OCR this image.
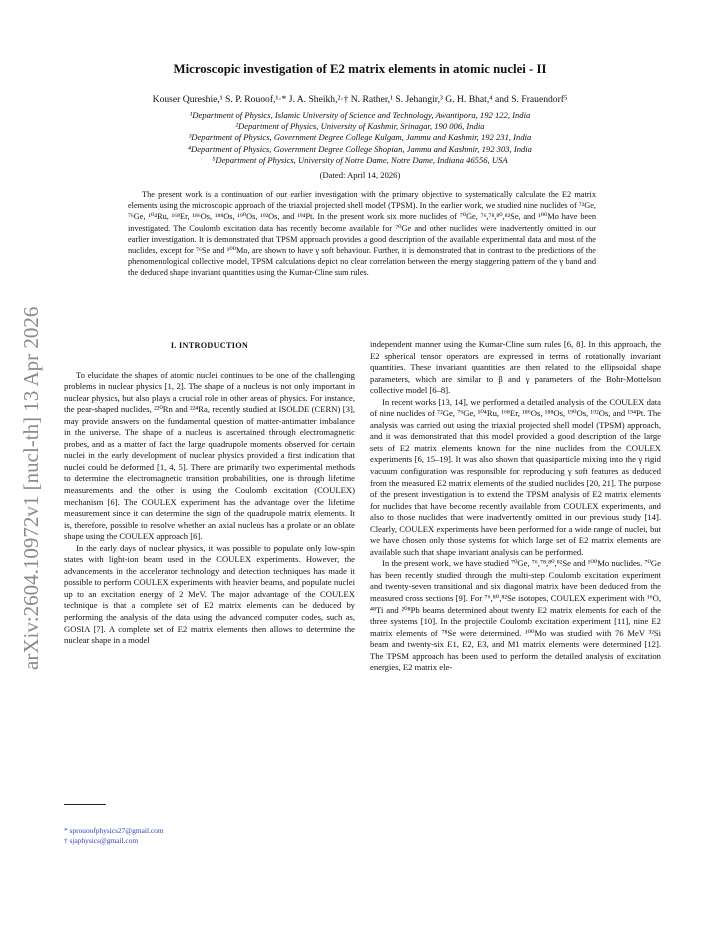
arXiv:2604.10972v1 [nucl-th] 13 Apr 2026
Microscopic investigation of E2 matrix elements in atomic nuclei - II
Kouser Qureshie,¹ S. P. Rouoof,¹·* J. A. Sheikh,²·† N. Rather,¹ S. Jehangir,³ G. H. Bhat,⁴ and S. Frauendorf⁵
¹Department of Physics, Islamic University of Science and Technology, Awantipora, 192 122, India
²Department of Physics, University of Kashmir, Srinagar, 190 006, India
³Department of Physics, Government Degree College Kulgam, Jammu and Kashmir, 192 231, India
⁴Department of Physics, Government Degree College Shopian, Jammu and Kashmir, 192 303, India
⁵Department of Physics, University of Notre Dame, Notre Dame, Indiana 46556, USA
(Dated: April 14, 2026)

The present work is a continuation of our earlier investigation with the primary objective to systematically calculate the E2 matrix elements using the microscopic approach of the triaxial projected shell model (TPSM). In the earlier work, we studied nine nuclides of ⁷²Ge, ⁷⁶Ge, ¹⁰⁴Ru, ¹⁶⁸Er, ¹⁸⁶Os, ¹⁸⁸Os, ¹⁹⁰Os, ¹⁹²Os, and ¹⁹⁴Pt. In the present work six more nuclides of ⁷⁰Ge, ⁷⁶,⁷⁸,⁸⁰,⁸²Se, and ¹⁰⁰Mo have been investigated. The Coulomb excitation data has recently become available for ⁷⁰Ge and other nuclides were inadvertently omitted in our earlier investigation. It is demonstrated that TPSM approach provides a good description of the available experimental data and most of the nuclides, except for ⁷⁶Se and ¹⁰⁰Mo, are shown to have γ soft behaviour. Further, it is demonstrated that in contrast to the predictions of the phenomenological collective model, TPSM calculations depict no clear correlation between the energy staggering pattern of the γ band and the deduced shape invariant quantities using the Kumar-Cline sum rules.

I. INTRODUCTION

To elucidate the shapes of atomic nuclei continues to be one of the challenging problems in nuclear physics [1, 2]. The shape of a nucleus is not only important in nuclear physics, but also plays a crucial role in other areas of physics. For instance, the pear-shaped nuclides, ²²⁰Rn and ²²⁴Ra, recently studied at ISOLDE (CERN) [3], may provide answers on the fundamental question of matter-antimatter imbalance in the universe. The shape of a nucleus is ascertained through electromagnetic probes, and as a matter of fact the large quadrupole moments observed for certain nuclei in the early development of nuclear physics provided a first indication that nuclei could be deformed [1, 4, 5]. There are primarily two experimental methods to determine the electromagnetic transition probabilities, one is through lifetime measurements and the other is using the Coulomb excitation (COULEX) mechanism [6]. The COULEX experiment has the advantage over the lifetime measurement since it can determine the sign of the quadrupole matrix elements. It is, therefore, possible to resolve whether an axial nucleus has a prolate or an oblate shape using the COULEX approach [6].

In the early days of nuclear physics, it was possible to populate only low-spin states with light-ion beam used in the COULEX experiments. However, the advancements in the accelerator technology and detection techniques has made it possible to perform COULEX experiments with heavier beams, and populate nuclei up to an excitation energy of 2 MeV. The major advantage of the COULEX technique is that a complete set of E2 matrix elements can be deduced by performing the analysis of the data using the advanced computer codes, such as, GOSIA [7]. A complete set of E2 matrix elements then allows to determine the nuclear shape in a model

independent manner using the Kumar-Cline sum rules [6, 8]. In this approach, the E2 spherical tensor operators are expressed in terms of rotationally invariant quantities. These invariant quantities are then related to the ellipsoidal shape parameters, which are similar to β and γ parameters of the Bohr-Mottelson collective model [6–8].

In recent works [13, 14], we performed a detailed analysis of the COULEX data of nine nuclides of ⁷²Ge, ⁷⁶Ge, ¹⁰⁴Ru, ¹⁶⁸Er, ¹⁸⁶Os, ¹⁸⁸Os, ¹⁹⁰Os, ¹⁹²Os, and ¹⁹⁴Pt. The analysis was carried out using the triaxial projected shell model (TPSM) approach, and it was demonstrated that this model provided a good description of the large sets of E2 matrix elements known for the nine nuclides from the COULEX experiments [6, 15–19]. It was also shown that quasiparticle mixing into the γ rigid vacuum configuration was responsible for reproducing γ soft features as deduced from the measured E2 matrix elements of the studied nuclides [20, 21]. The purpose of the present investigation is to extend the TPSM analysis of E2 matrix elements for nuclides that have become recently available from COULEX experiments, and also to those nuclides that were inadvertently omitted in our previous study [14]. Clearly, COULEX experiments have been performed for a wide range of nuclei, but we have chosen only those systems for which large set of E2 matrix elements are available such that shape invariant analysis can be performed.

In the present work, we have studied ⁷⁰Ge, ⁷⁶,⁷⁸,⁸⁰,⁸²Se and ¹⁰⁰Mo nuclides. ⁷⁰Ge has been recently studied through the multi-step Coulomb excitation experiment and twenty-seven transitional and six diagonal matrix have been deduced from the measured cross sections [9]. For ⁷⁶,⁸⁰,⁸²Se isotopes, COULEX experiment with ¹⁶O, ⁴⁸Ti and ²⁰⁸Pb beams determined about twenty E2 matrix elements for each of the three systems [10]. In the projectile Coulomb excitation experiment [11], nine E2 matrix elements of ⁷⁸Se were determined. ¹⁰⁰Mo was studied with 76 MeV ³²Si beam and twenty-six E1, E2, E3, and M1 matrix elements were determined [12]. The TPSM approach has been used to perform the detailed analysis of excitation energies, E2 matrix ele-

* sprouoofphysics27@gmail.com
† sjaphysics@gmail.com
